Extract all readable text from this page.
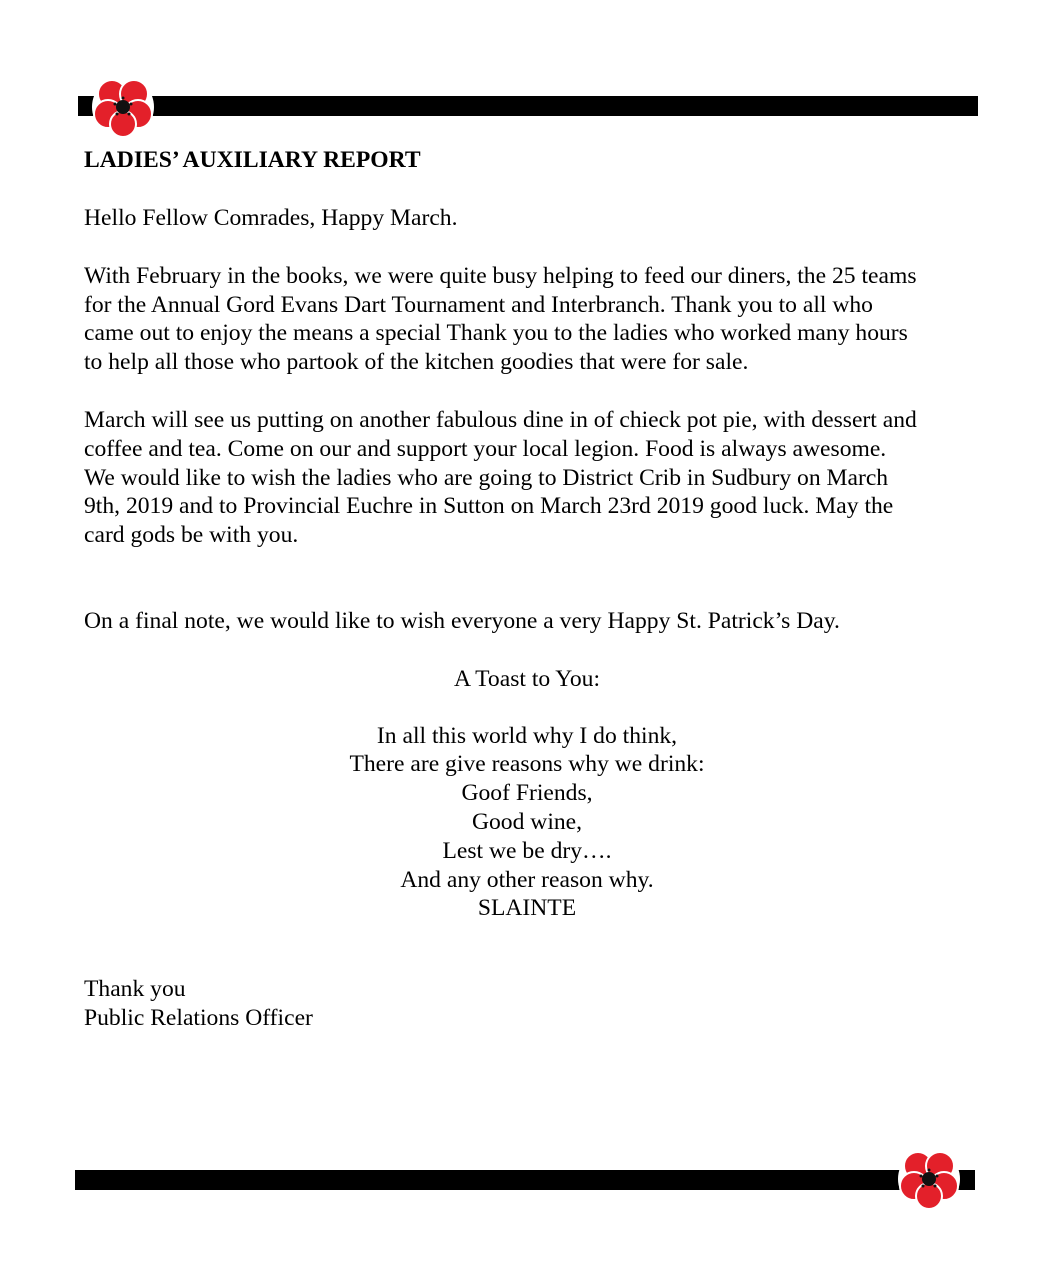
LADIES’ AUXILIARY REPORT

Hello Fellow Comrades, Happy March.

With February in the books, we were quite busy helping to feed our diners, the 25 teams
for the Annual Gord Evans Dart Tournament and Interbranch. Thank you to all who
came out to enjoy the means a special Thank you to the ladies who worked many hours
to help all those who partook of the kitchen goodies that were for sale.
March will see us putting on another fabulous dine in of chieck pot pie, with dessert and
coffee and tea. Come on our and support your local legion. Food is always awesome.
We would like to wish the ladies who are going to District Crib in Sudbury on March
9th, 2019 and to Provincial Euchre in Sutton on March 23rd 2019 good luck. May the
card gods be with you.

On a final note, we would like to wish everyone a very Happy St. Patrick’s Day.

A Toast to You:

In all this world why I do think,
There are give reasons why we drink:
Goof Friends,
Good wine,
Lest we be dry….
And any other reason why.
SLAINTE
Thank you
Public Relations Officer
